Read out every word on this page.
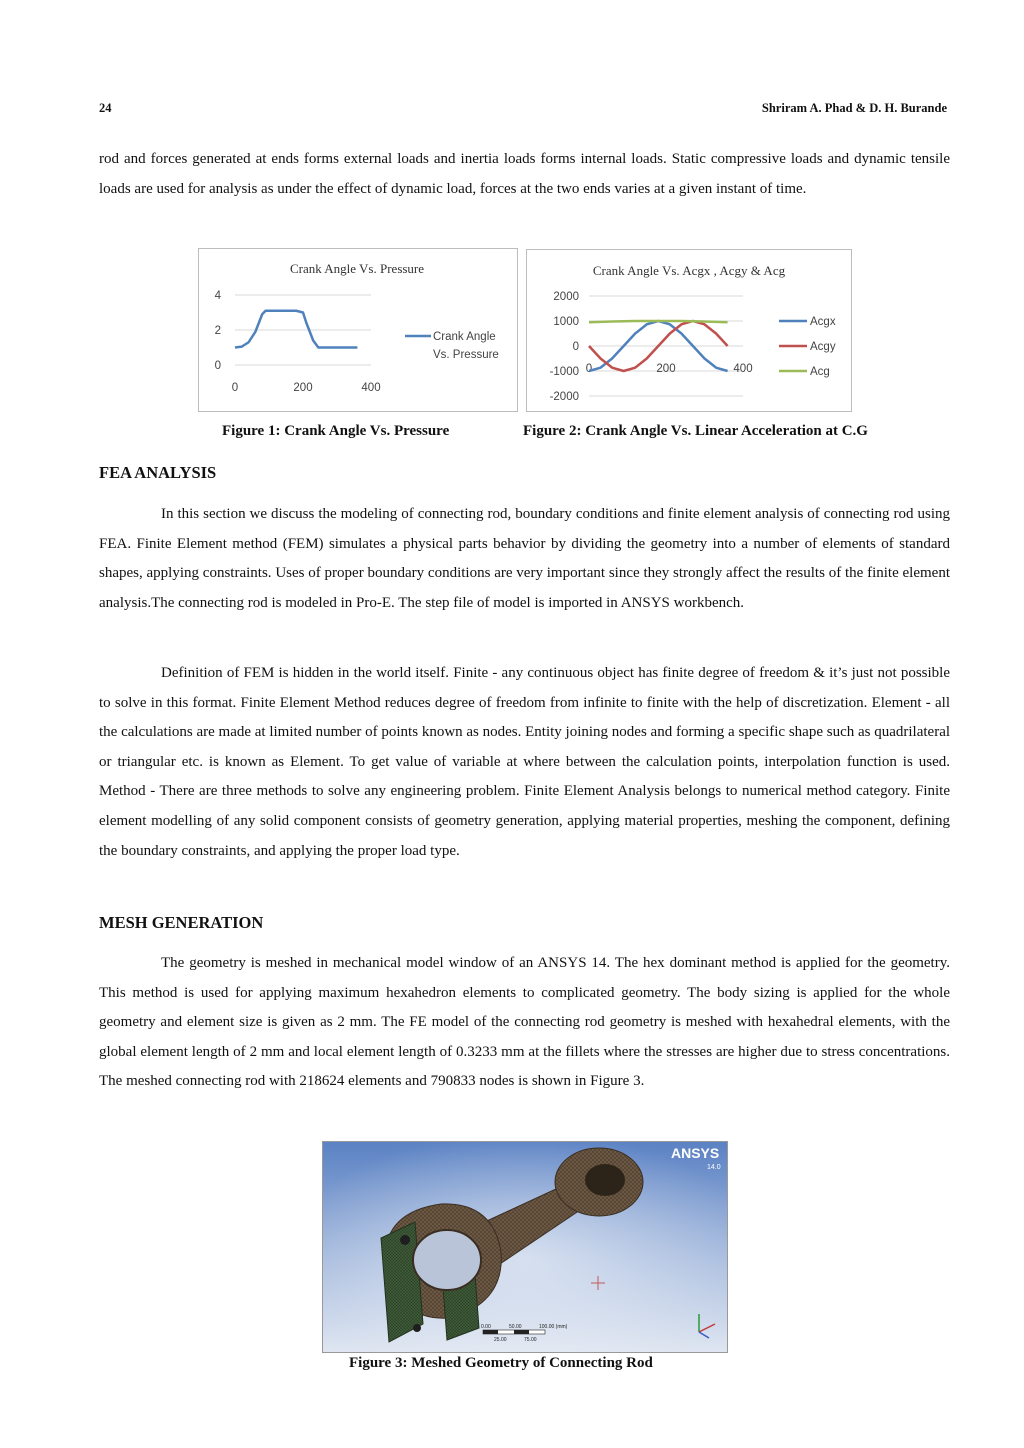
24	Shriram A. Phad & D. H. Burande

rod and forces generated at ends forms external loads and inertia loads forms internal loads. Static compressive loads and dynamic tensile loads are used for analysis as under the effect of dynamic load, forces at the two ends varies at a given instant of time.

Crank Angle Vs. Pressure
0
2
4
0	200	400
Crank Angle
Vs. Pressure
Figure 1: Crank Angle Vs. Pressure
Crank Angle Vs. Acgx , Acgy & Acg
2000
1000
0
-1000
-2000
0	200	400
Acgx
Acgy
Acg
Figure 2: Crank Angle Vs. Linear Acceleration at C.G
FEA ANALYSIS

In this section we discuss the modeling of connecting rod, boundary conditions and finite element analysis of connecting rod using FEA. Finite Element method (FEM) simulates a physical parts behavior by dividing the geometry into a number of elements of standard shapes, applying constraints. Uses of proper boundary conditions are very important since they strongly affect the results of the finite element analysis.The connecting rod is modeled in Pro-E. The step file of model is imported in ANSYS workbench.

Definition of FEM is hidden in the world itself. Finite - any continuous object has finite degree of freedom & it’s just not possible to solve in this format. Finite Element Method reduces degree of freedom from infinite to finite with the help of discretization. Element - all the calculations are made at limited number of points known as nodes. Entity joining nodes and forming a specific shape such as quadrilateral or triangular etc. is known as Element. To get value of variable at where between the calculation points, interpolation function is used. Method - There are three methods to solve any engineering problem. Finite Element Analysis belongs to numerical method category. Finite element modelling of any solid component consists of geometry generation, applying material properties, meshing the component, defining the boundary constraints, and applying the proper load type.

MESH GENERATION

The geometry is meshed in mechanical model window of an ANSYS 14. The hex dominant method is applied for the geometry. This method is used for applying maximum hexahedron elements to complicated geometry. The body sizing is applied for the whole geometry and element size is given as 2 mm. The FE model of the connecting rod geometry is meshed with hexahedral elements, with the global element length of 2 mm and local element length of 0.3233 mm at the fillets where the stresses are higher due to stress concentrations. The meshed connecting rod with 218624 elements and 790833 nodes is shown in Figure 3.

0.00	50.00	100.00 (mm)
25.00	75.00
ANSYS
14.0
Figure 3: Meshed Geometry of Connecting Rod
